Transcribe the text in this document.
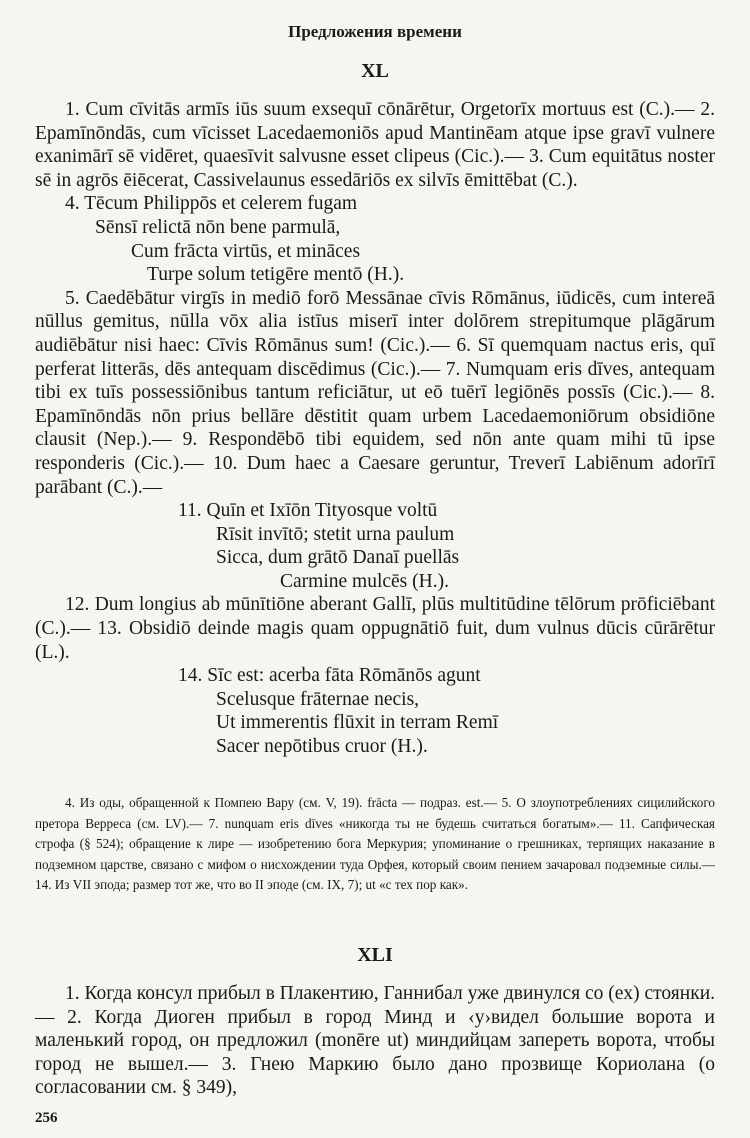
Предложения времени
XL

1. Cum cīvitās armīs iūs suum exsequī cōnārētur, Orgetorīx mortuus est (C.).— 2. Epamīnōndās, cum vīcisset Lacedaemoniōs apud Mantinēam atque ipse gravī vulnere exanimārī sē vidēret, quaesīvit salvusne esset clipeus (Cic.).— 3. Cum equitātus noster sē in agrōs ēiēcerat, Cassivelaunus essedāriōs ex silvīs ēmittēbat (C.).

4. Tēcum Philippōs et celerem fugam
Sēnsī relictā nōn bene parmulā,
Cum frācta virtūs, et mināces
Turpe solum tetigēre mentō (H.).

5. Caedēbātur virgīs in mediō forō Messānae cīvis Rōmānus, iūdicēs, cum intereā nūllus gemitus, nūlla vōx alia istīus miserī inter dolōrem strepitumque plāgārum audiēbātur nisi haec: Cīvis Rōmānus sum! (Cic.).— 6. Sī quemquam nactus eris, quī perferat litterās, dēs antequam discēdimus (Cic.).— 7. Numquam eris dīves, antequam tibi ex tuīs possessiōnibus tantum reficiātur, ut eō tuērī legiōnēs possīs (Cic.).— 8. Epamīnōndās nōn prius bellāre dēstitit quam urbem Lacedaemoniōrum obsidiōne clausit (Nep.).— 9. Respondēbō tibi equidem, sed nōn ante quam mihi tū ipse responderis (Cic.).— 10. Dum haec a Caesare geruntur, Treverī Labiēnum adorīrī parābant (C.).—

11. Quīn et Ixīōn Tityosque voltū
Rīsit invītō; stetit urna paulum
Sicca, dum grātō Danaī puellās
Carmine mulcēs (H.).

12. Dum longius ab mūnītiōne aberant Gallī, plūs multitūdine tēlōrum prōficiēbant (C.).— 13. Obsidiō deinde magis quam oppugnātiō fuit, dum vulnus dūcis cūrārētur (L.).

14. Sīc est: acerba fāta Rōmānōs agunt
Scelusque frāternae necis,
Ut immerentis flūxit in terram Remī
Sacer nepōtibus cruor (H.).

4. Из оды, обращенной к Помпею Вару (см. V, 19). frācta — подраз. est.— 5. О злоупотреблениях сицилийского претора Верреса (см. LV).— 7. nunquam eris dīves «никогда ты не будешь считаться богатым».— 11. Сапфическая строфа (§ 524); обращение к лире — изобретению бога Меркурия; упоминание о грешниках, терпящих наказание в подземном царстве, связано с мифом о нисхождении туда Орфея, который своим пением зачаровал подземные силы.— 14. Из VII эпода; размер тот же, что во II эподе (см. IX, 7); ut «с тех пор как».

XLI

1. Когда консул прибыл в Плакентию, Ганнибал уже двинулся со (ex) стоянки.— 2. Когда Диоген прибыл в город Минд и ‹у›видел большие ворота и маленький город, он предложил (monēre ut) миндийцам запереть ворота, чтобы город не вышел.— 3. Гнею Маркию было дано прозвище Кориолана (о согласовании см. § 349),

256
